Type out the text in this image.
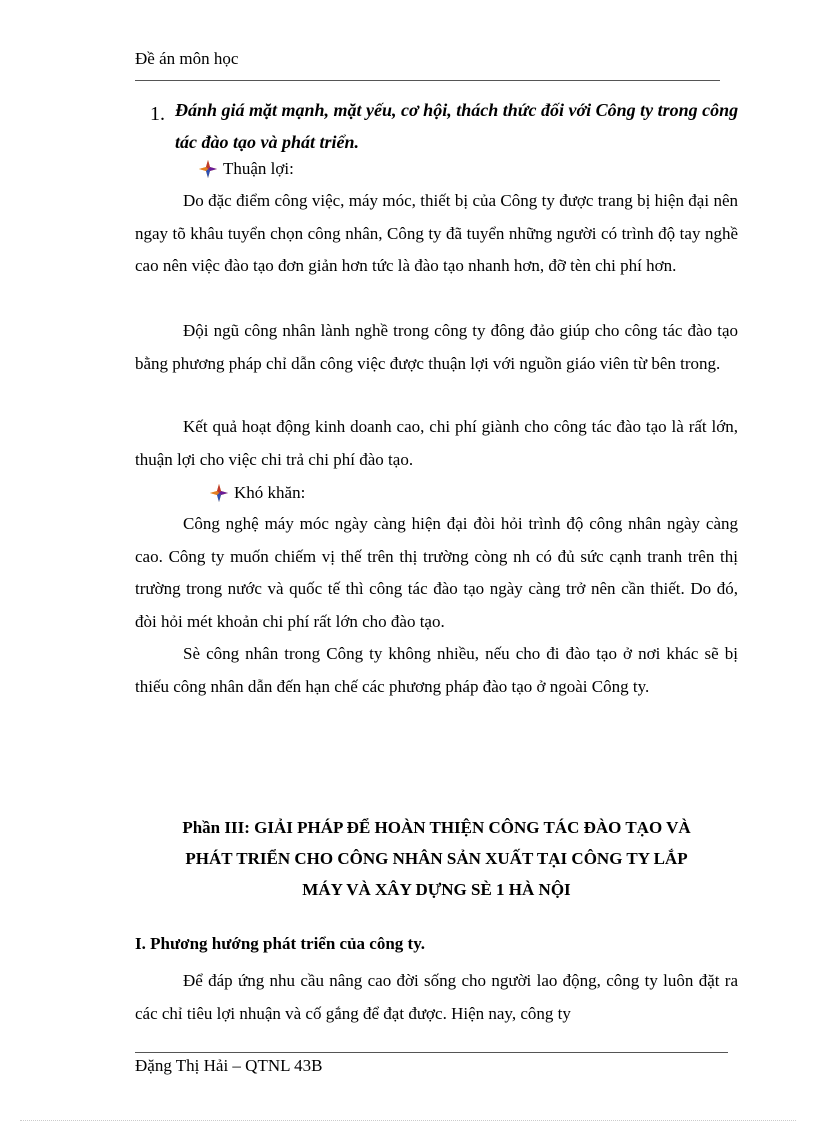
Đề án môn học
1. Đánh giá mặt mạnh, mặt yếu, cơ hội, thách thức đối với Công ty trong công tác đào tạo và phát triển.
Thuận lợi:
Do đặc điểm công việc, máy móc, thiết bị của Công ty được trang bị hiện đại nên ngay tõ khâu tuyển chọn công nhân, Công ty đã tuyển những người có trình độ tay nghề cao nên việc đào tạo đơn giản hơn tức là đào tạo nhanh hơn, đỡ tèn chi phí hơn.
Đội ngũ công nhân lành nghề trong công ty đông đảo giúp cho công tác đào tạo bằng phương pháp chỉ dẫn công việc được thuận lợi với nguồn giáo viên từ bên trong.
Kết quả hoạt động kinh doanh cao, chi phí giành cho công tác đào tạo là rất lớn, thuận lợi cho việc chi trả chi phí đào tạo.
Khó khăn:
Công nghệ máy móc ngày càng hiện đại đòi hỏi trình độ công nhân ngày càng cao. Công ty muốn chiếm vị thế trên thị trường còng nh có đủ sức cạnh tranh trên thị trường trong nước và quốc tế thì công tác đào tạo ngày càng trở nên cần thiết. Do đó, đòi hỏi mét khoản chi phí rất lớn cho đào tạo.
Sè công nhân trong Công ty không nhiều, nếu cho đi đào tạo ở nơi khác sẽ bị thiếu công nhân dẫn đến hạn chế các phương pháp đào tạo ở ngoài Công ty.
Phần III: GIẢI PHÁP ĐỂ HOÀN THIỆN CÔNG TÁC ĐÀO TẠO VÀ
PHÁT TRIỂN CHO CÔNG NHÂN SẢN XUẤT TẠI CÔNG TY LẮP
MÁY VÀ XÂY DỰNG SÈ 1 HÀ NỘI
I. Phương hướng phát triển của công ty.
Để đáp ứng nhu cầu nâng cao đời sống cho người lao động, công ty luôn đặt ra các chỉ tiêu lợi nhuận và cố gắng để đạt được. Hiện nay, công ty
Đặng Thị Hải – QTNL 43B
